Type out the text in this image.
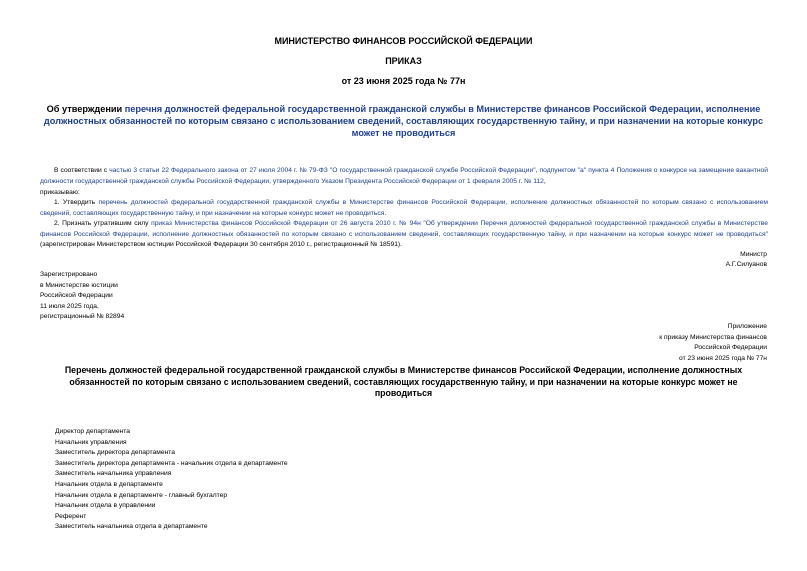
МИНИСТЕРСТВО ФИНАНСОВ РОССИЙСКОЙ ФЕДЕРАЦИИ
ПРИКАЗ
от 23 июня 2025 года № 77н
Об утверждении перечня должностей федеральной государственной гражданской службы в Министерстве финансов Российской Федерации, исполнение должностных обязанностей по которым связано с использованием сведений, составляющих государственную тайну, и при назначении на которые конкурс может не проводиться
В соответствии с частью 3 статьи 22 Федерального закона от 27 июля 2004 г. № 79-ФЗ "О государственной гражданской службе Российской Федерации", подпунктом "а" пункта 4 Положения о конкурсе на замещение вакантной должности государственной гражданской службы Российской Федерации, утвержденного Указом Президента Российской Федерации от 1 февраля 2005 г. № 112,
приказываю:
1. Утвердить перечень должностей федеральной государственной гражданской службы в Министерстве финансов Российской Федерации, исполнение должностных обязанностей по которым связано с использованием сведений, составляющих государственную тайну, и при назначении на которые конкурс может не проводиться.
2. Признать утратившим силу приказ Министерства финансов Российской Федерации от 26 августа 2010 г. № 94н "Об утверждении Перечня должностей федеральной государственной гражданской службы в Министерстве финансов Российской Федерации, исполнение должностных обязанностей по которым связано с использованием сведений, составляющих государственную тайну, и при назначении на которые конкурс может не проводиться" (зарегистрирован Министерством юстиции Российской Федерации 30 сентября 2010 г., регистрационный № 18591).
Министр
А.Г.Силуанов
Зарегистрировано
в Министерстве юстиции
Российской Федерации
11 июля 2025 года,
регистрационный № 82894
Приложение
к приказу Министерства финансов
Российской Федерации
от 23 июня 2025 года № 77н
Перечень должностей федеральной государственной гражданской службы в Министерстве финансов Российской Федерации, исполнение должностных обязанностей по которым связано с использованием сведений, составляющих государственную тайну, и при назначении на которые конкурс может не проводиться
Директор департамента
Начальник управления
Заместитель директора департамента
Заместитель директора департамента - начальник отдела в департаменте
Заместитель начальника управления
Начальник отдела в департаменте
Начальник отдела в департаменте - главный бухгалтер
Начальник отдела в управлении
Референт
Заместитель начальника отдела в департаменте
